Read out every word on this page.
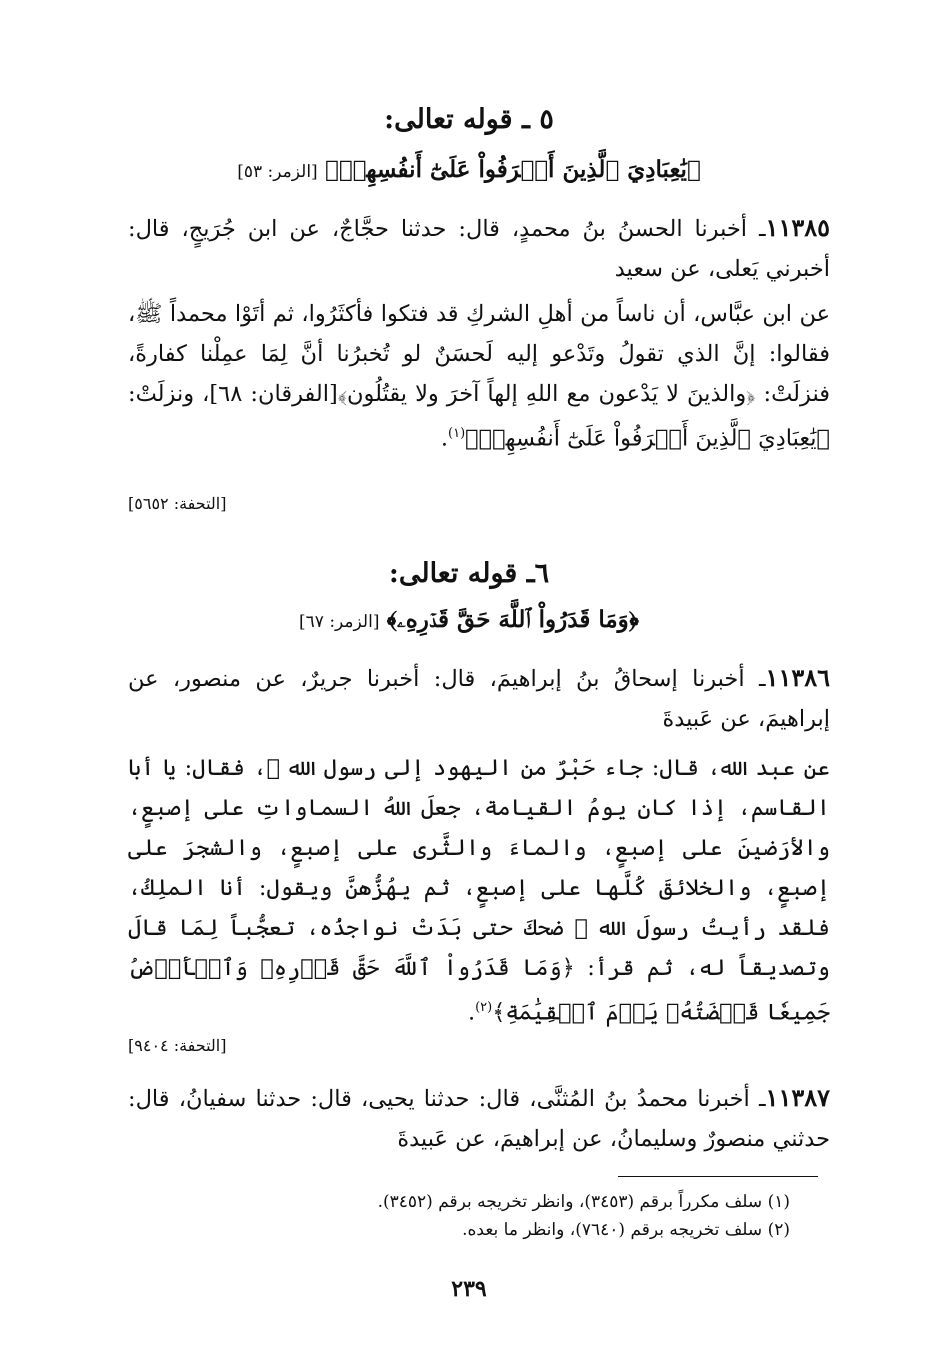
٥ ـ قوله تعالى:
﴿يَٰعِبَادِيَ ٱلَّذِينَ أَسۡرَفُواْ عَلَىٰٓ أَنفُسِهِمۡ﴾ [الزمر: ٥٣]

١١٣٨٥ـ أخبرنا الحسنُ بنُ محمدٍ، قال: حدثنا حجَّاجٌ، عن ابن جُرَيجٍ، قال: أخبرني يَعلى، عن سعيد

عن ابن عبَّاس، أن ناساً من أهلِ الشركِ قد فتكوا فأكثَرُوا، ثم أتَوْا محمداً ﷺ، فقالوا: إنَّ الذي تقولُ وتَدْعو إليه لَحسَنٌ لو تُخبرُنا أنَّ لِمَا عمِلْنا كفارةً، فنزلَتْ: ﴿والذينَ لا يَدْعون مع اللهِ إلهاً آخرَ ولا يقتُلُون﴾[الفرقان: ٦٨]، ونزلَتْ: ﴿يَٰعِبَادِيَ ٱلَّذِينَ أَسۡرَفُواْ عَلَىٰٓ أَنفُسِهِمۡ﴾$^{(١)}$.

[التحفة: ٥٦٥٢]
٦ـ قوله تعالى:
﴿وَمَا قَدَرُواْ ٱللَّهَ حَقَّ قَدۡرِهِۦ﴾ [الزمر: ٦٧]

١١٣٨٦ـ أخبرنا إسحاقُ بنُ إبراهيمَ، قال: أخبرنا جريرٌ، عن منصور، عن إبراهيمَ، عن عَبيدةَ

عن عبد الله، قال: جاء حَبْرٌ من اليهود إلى رسول الله ﷺ، فقال: يا أبا القاسم، إذا كان يومُ القيامة، جعلَ اللهُ السماواتِ على إصبعٍ، والأرَضينَ على إصبعٍ، والماءَ والثَّرى على إصبعٍ، والشجرَ على إصبعٍ، والخلائقَ كُلَّها على إصبعٍ، ثم يهُزُّهنَّ ويقول: أنا الملِكُ، فلقد رأيتُ رسولَ الله ﷺ ضحكَ حتى بَدَتْ نواجذُه، تعجُّباً لِمَا قالَ وتصديقاً له، ثم قرأ: ﴿وَمَا قَدَرُواْ ٱللَّهَ حَقَّ قَدۡرِهِۦ وَٱلۡأَرۡضُ جَمِيعٗا قَبۡضَتُهُۥ يَوۡمَ ٱلۡقِيَٰمَةِ﴾$^{(٢)}$.

[التحفة: ٩٤٠٤]

١١٣٨٧ـ أخبرنا محمدُ بنُ المُثنَّى، قال: حدثنا يحيى، قال: حدثنا سفيانُ، قال: حدثني منصورٌ وسليمانُ، عن إبراهيمَ، عن عَبيدةَ

(١) سلف مكرراً برقم (٣٤٥٣)، وانظر تخريجه برقم (٣٤٥٢).
(٢) سلف تخريجه برقم (٧٦٤٠)، وانظر ما بعده.
٢٣٩
